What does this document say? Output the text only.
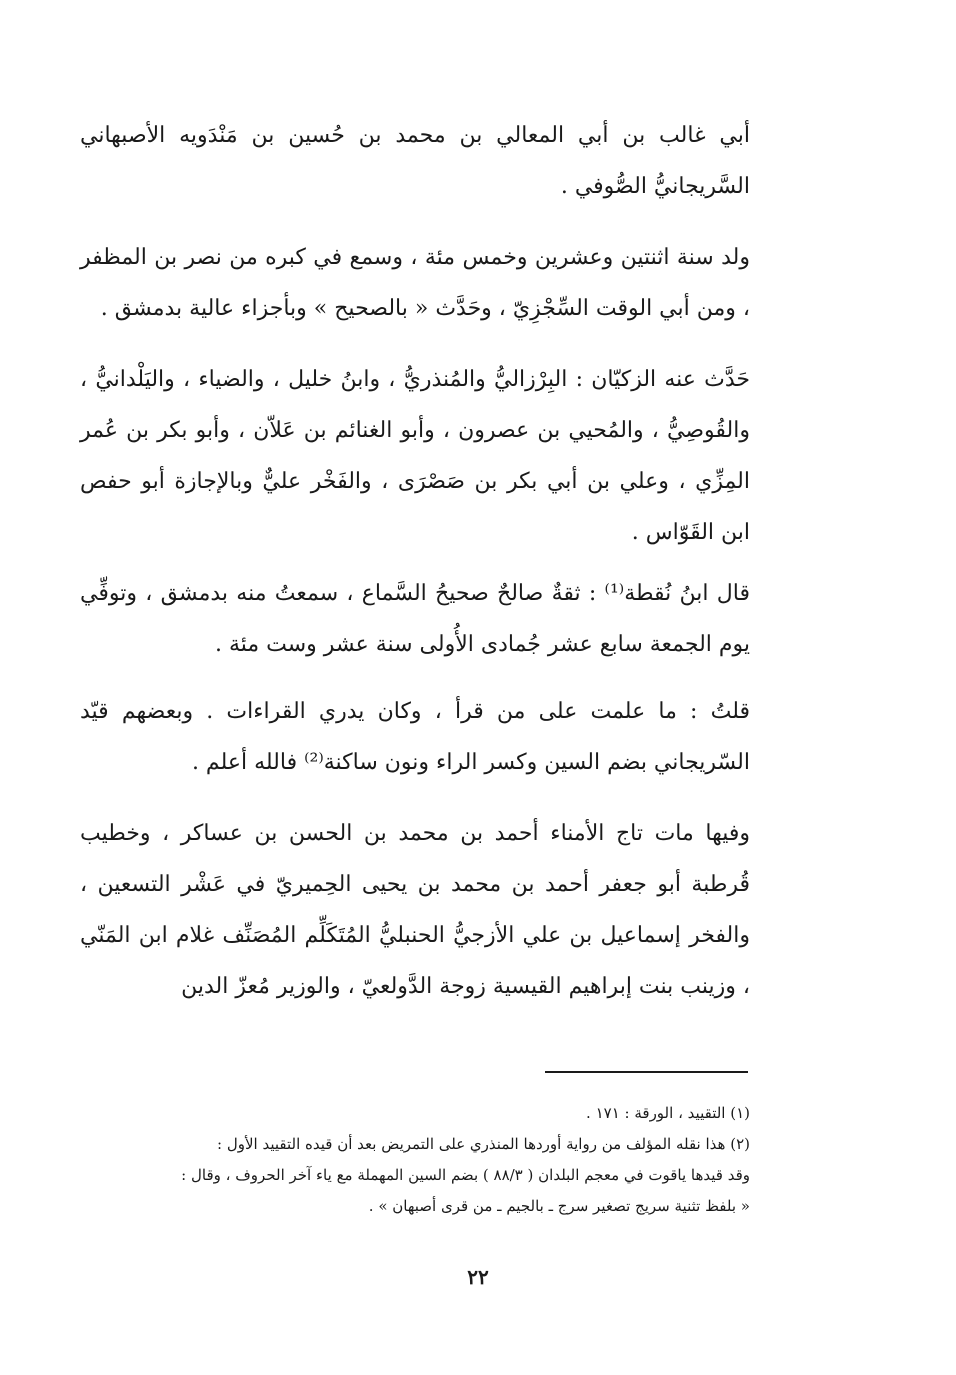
أبي غالب بن أبي المعالي بن محمد بن حُسين بن مَنْدَويه الأصبهاني السَّريجانيُّ الصُّوفي .

ولد سنة اثنتين وعشرين وخمس مئة ، وسمع في كبره من نصر بن المظفر ، ومن أبي الوقت السِّجْزِيّ ، وحَدَّث « بالصحيح » وبأجزاء عالية بدمشق .

حَدَّث عنه الزكيّان : البِرْزاليُّ والمُنذريُّ ، وابنُ خليل ، والضياء ، واليَلْدانيُّ ، والقُوصِيُّ ، والمُحيي بن عصرون ، وأبو الغنائم بن عَلاّن ، وأبو بكر بن عُمر المِزِّي ، وعلي بن أبي بكر بن صَصْرَى ، والفَخْر عليٌّ وبالإجازة أبو حفص ابن القَوّاس .

قال ابنُ نُقطة⁽¹⁾ : ثقةٌ صالحٌ صحيحُ السَّماع ، سمعتُ منه بدمشق ، وتوفِّي يوم الجمعة سابع عشر جُمادى الأُولى سنة عشر وست مئة .

قلتُ : ما علمت على من قرأ ، وكان يدري القراءات . وبعضهم قيّد السّريجاني بضم السين وكسر الراء ونون ساكنة⁽²⁾ فالله أعلم .

وفيها مات تاج الأمناء أحمد بن محمد بن الحسن بن عساكر ، وخطيب قُرطبة أبو جعفر أحمد بن محمد بن يحيى الحِميريّ في عَشْر التسعين ، والفخر إسماعيل بن علي الأزجيُّ الحنبليُّ المُتَكَلِّم المُصَنِّف غلام ابن المَنّي ، وزينب بنت إبراهيم القيسية زوجة الدَّولعيّ ، والوزير مُعزّ الدين

(١) التقييد ، الورقة : ١٧١ .

(٢) هذا نقله المؤلف من رواية أوردها المنذري على التمريض بعد أن قيده التقييد الأول :

وقد قيدها ياقوت في معجم البلدان ( ٨٨/٣ ) بضم السين المهملة مع ياء آخر الحروف ، وقال :

« بلفظ تثنية سريج تصغير سرج ـ بالجيم ـ من قرى أصبهان » .

٢٢
